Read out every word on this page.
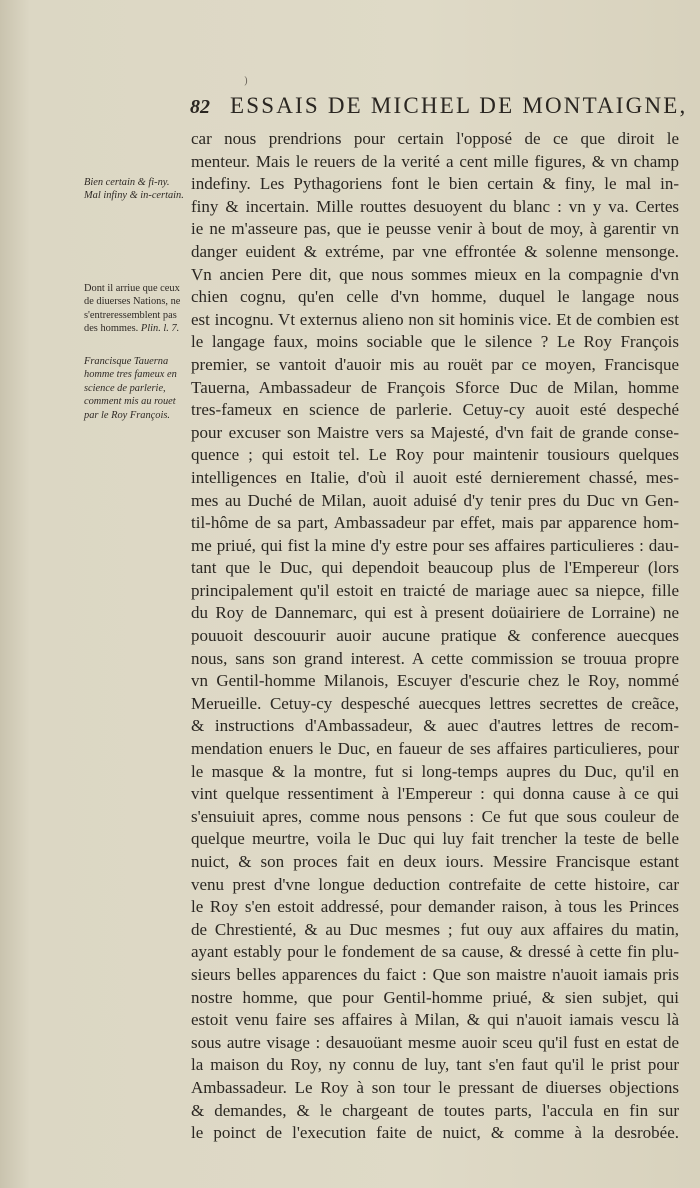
)
82 ESSAIS DE MICHEL DE MONTAIGNE,
Bien certain & fi-ny. Mal infiny & in-certain.
Dont il arriue que ceux de diuerses Nations, ne s'entreressemblent pas des hommes. Plin. l. 7.
Francisque Tauerna homme tres fameux en science de parlerie, comment mis au rouet par le Roy François.
car nous prendrions pour certain l'opposé de ce que diroit le
menteur. Mais le reuers de la verité a cent mille figures, & vn champ
indefiny. Les Pythagoriens font le bien certain & finy, le mal in-
finy & incertain. Mille routtes desuoyent du blanc : vn y va. Certes
ie ne m'asseure pas, que ie peusse venir à bout de moy, à garentir vn
danger euident & extréme, par vne effrontée & solenne mensonge.
Vn ancien Pere dit, que nous sommes mieux en la compagnie d'vn
chien cognu, qu'en celle d'vn homme, duquel le langage nous
est incognu. Vt externus alieno non sit hominis vice. Et de combien est
le langage faux, moins sociable que le silence ? Le Roy François
premier, se vantoit d'auoir mis au rouët par ce moyen, Francisque
Tauerna, Ambassadeur de François Sforce Duc de Milan, homme
tres-fameux en science de parlerie. Cetuy-cy auoit esté despeché
pour excuser son Maistre vers sa Majesté, d'vn fait de grande conse-
quence ; qui estoit tel. Le Roy pour maintenir tousiours quelques
intelligences en Italie, d'où il auoit esté dernierement chassé, mes-
mes au Duché de Milan, auoit aduisé d'y tenir pres du Duc vn Gen-
til-hôme de sa part, Ambassadeur par effet, mais par apparence hom-
me priué, qui fist la mine d'y estre pour ses affaires particulieres : dau-
tant que le Duc, qui dependoit beaucoup plus de l'Empereur (lors
principalement qu'il estoit en traicté de mariage auec sa niepce, fille
du Roy de Dannemarc, qui est à present doüairiere de Lorraine) ne
pouuoit descouurir auoir aucune pratique & conference auecques
nous, sans son grand interest. A cette commission se trouua propre
vn Gentil-homme Milanois, Escuyer d'escurie chez le Roy, nommé
Merueille. Cetuy-cy despesché auecques lettres secrettes de creãce,
& instructions d'Ambassadeur, & auec d'autres lettres de recom-
mendation enuers le Duc, en faueur de ses affaires particulieres, pour
le masque & la montre, fut si long-temps aupres du Duc, qu'il en
vint quelque ressentiment à l'Empereur : qui donna cause à ce qui
s'ensuiuit apres, comme nous pensons : Ce fut que sous couleur de
quelque meurtre, voila le Duc qui luy fait trencher la teste de belle
nuict, & son proces fait en deux iours. Messire Francisque estant
venu prest d'vne longue deduction contrefaite de cette histoire, car
le Roy s'en estoit addressé, pour demander raison, à tous les Princes
de Chrestienté, & au Duc mesmes ; fut ouy aux affaires du matin,
ayant estably pour le fondement de sa cause, & dressé à cette fin plu-
sieurs belles apparences du faict : Que son maistre n'auoit iamais pris
nostre homme, que pour Gentil-homme priué, & sien subjet, qui
estoit venu faire ses affaires à Milan, & qui n'auoit iamais vescu là
sous autre visage : desauoüant mesme auoir sceu qu'il fust en estat de
la maison du Roy, ny connu de luy, tant s'en faut qu'il le prist pour
Ambassadeur. Le Roy à son tour le pressant de diuerses objections
& demandes, & le chargeant de toutes parts, l'accula en fin sur
le poinct de l'execution faite de nuict, & comme à la desrobée.
